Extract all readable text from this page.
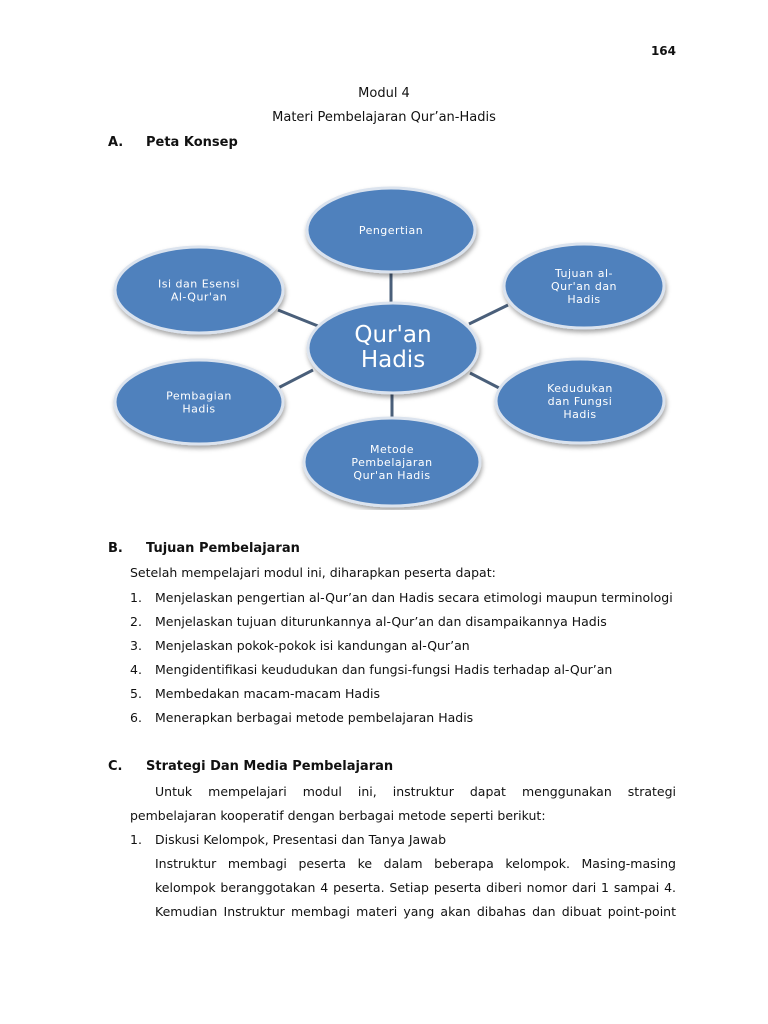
164
Modul 4
Materi Pembelajaran Qur’an-Hadis
A. Peta Konsep
Pengertian
Tujuan al-
Qur'an dan
Hadis
Kedudukan
dan Fungsi
Hadis
Metode
Pembelajaran
Qur'an Hadis
Pembagian
Hadis
Isi dan Esensi
Al-Qur'an
Qur'an
Hadis
B. Tujuan Pembelajaran
Setelah mempelajari modul ini, diharapkan peserta dapat:
1. Menjelaskan pengertian al-Qur’an dan Hadis secara etimologi maupun terminologi
2. Menjelaskan tujuan diturunkannya al-Qur’an dan disampaikannya Hadis
3. Menjelaskan pokok-pokok isi kandungan al-Qur’an
4. Mengidentifikasi keududukan dan fungsi-fungsi Hadis terhadap al-Qur’an
5. Membedakan macam-macam Hadis
6. Menerapkan berbagai metode pembelajaran Hadis
C. Strategi Dan Media Pembelajaran
Untuk mempelajari modul ini, instruktur dapat menggunakan strategi
pembelajaran kooperatif dengan berbagai metode seperti berikut:
1. Diskusi Kelompok, Presentasi dan Tanya Jawab
Instruktur membagi peserta ke dalam beberapa kelompok. Masing-masing
kelompok beranggotakan 4 peserta. Setiap peserta diberi nomor dari 1 sampai 4.
Kemudian Instruktur membagi materi yang akan dibahas dan dibuat point-point
